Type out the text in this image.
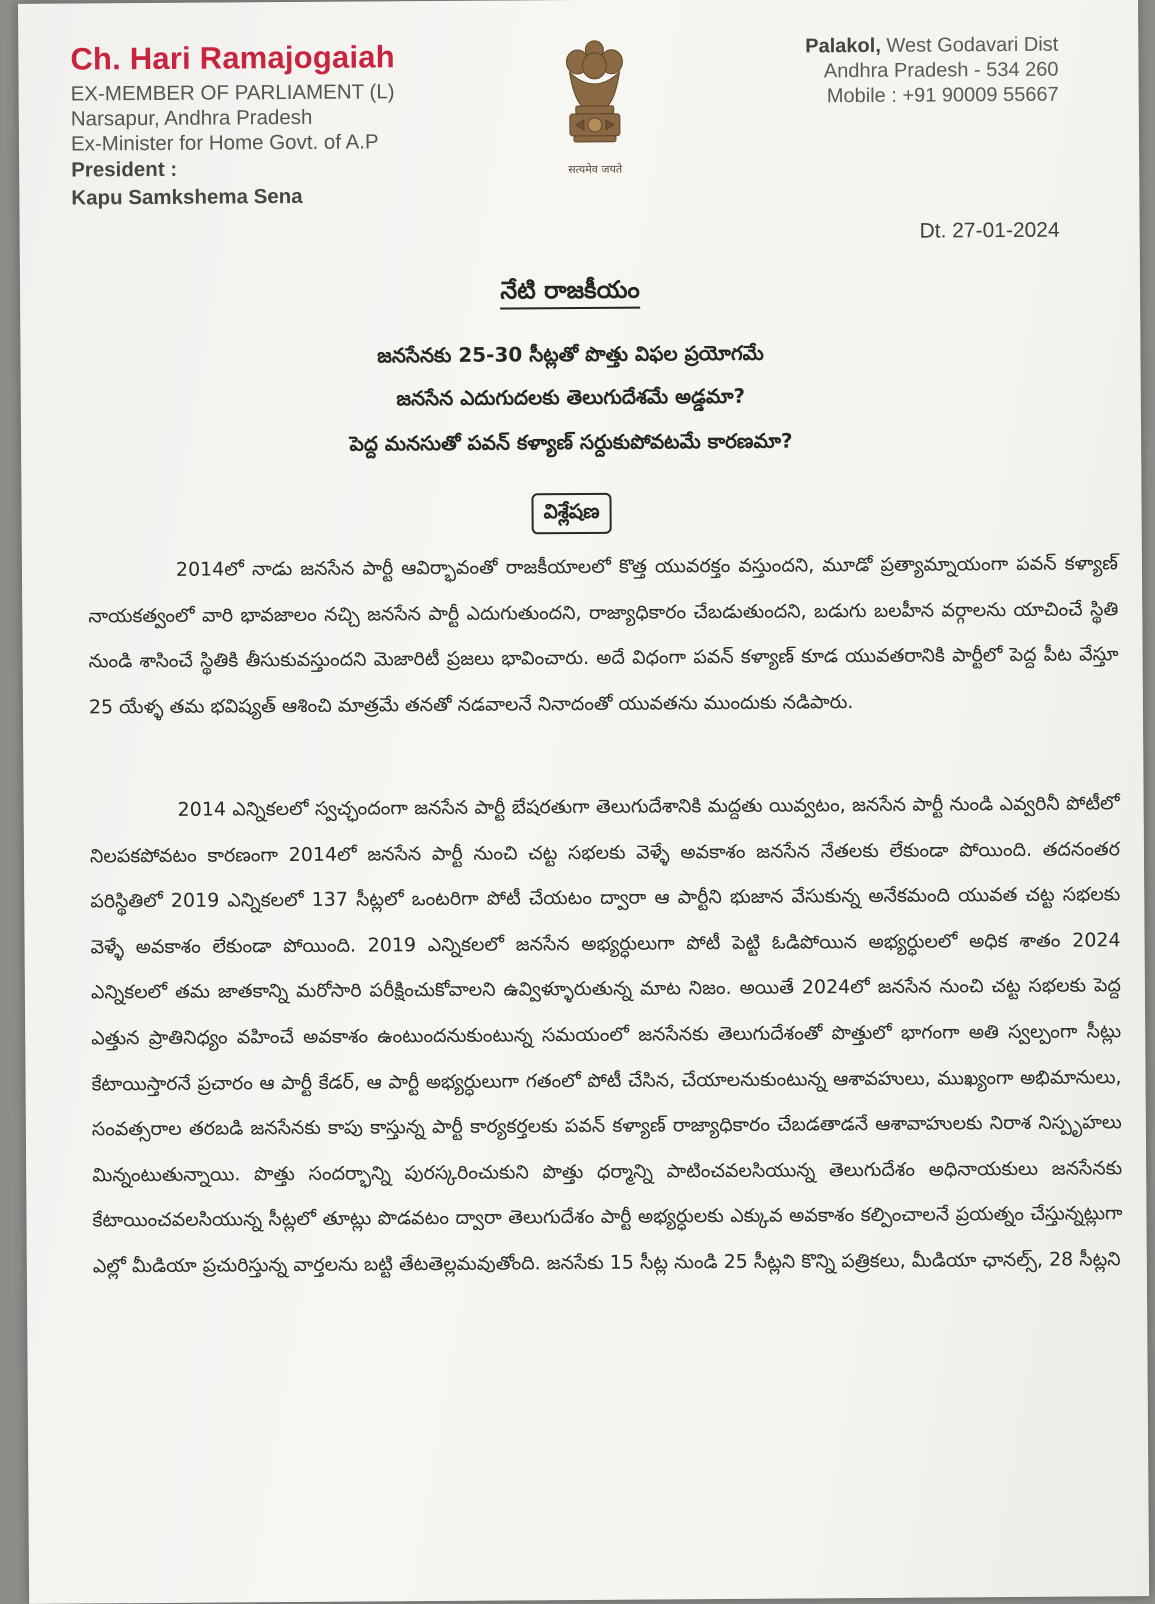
Ch. Hari Ramajogaiah
EX-MEMBER OF PARLIAMENT (L)
Narsapur, Andhra Pradesh
Ex-Minister for Home Govt. of A.P
President :
Kapu Samkshema Sena
सत्यमेव जयते
Palakol, West Godavari Dist
Andhra Pradesh - 534 260
Mobile : +91 90009 55667
Dt. 27-01-2024
నేటి రాజకీయం
జనసేనకు 25-30 సీట్లతో పొత్తు విఫల ప్రయోగమే
జనసేన ఎదుగుదలకు తెలుగుదేశమే అడ్డమా?
పెద్ద మనసుతో పవన్ కళ్యాణ్ సర్దుకుపోవటమే కారణమా?
విశ్లేషణ

2014లో నాడు జనసేన పార్టీ ఆవిర్భావంతో రాజకీయాలలో కొత్త యువరక్తం వస్తుందని, మూడో ప్రత్యామ్నాయంగా పవన్ కళ్యాణ్ నాయకత్వంలో వారి భావజాలం నచ్చి జనసేన పార్టీ ఎదుగుతుందని, రాజ్యాధికారం చేబడుతుందని, బడుగు బలహీన వర్గాలను యాచించే స్థితి నుండి శాసించే స్థితికి తీసుకువస్తుందని మెజారిటీ ప్రజలు భావించారు. అదే విధంగా పవన్ కళ్యాణ్ కూడ యువతరానికి పార్టీలో పెద్ద పీట వేస్తూ 25 యేళ్ళ తమ భవిష్యత్ ఆశించి మాత్రమే తనతో నడవాలనే నినాదంతో యువతను ముందుకు నడిపారు.

2014 ఎన్నికలలో స్వచ్ఛందంగా జనసేన పార్టీ బేషరతుగా తెలుగుదేశానికి మద్దతు యివ్వటం, జనసేన పార్టీ నుండి ఎవ్వరినీ పోటీలో నిలపకపోవటం కారణంగా 2014లో జనసేన పార్టీ నుంచి చట్ట సభలకు వెళ్ళే అవకాశం జనసేన నేతలకు లేకుండా పోయింది. తదనంతర పరిస్థితిలో 2019 ఎన్నికలలో 137 సీట్లలో ఒంటరిగా పోటీ చేయటం ద్వారా ఆ పార్టీని భుజాన వేసుకున్న అనేకమంది యువత చట్ట సభలకు వెళ్ళే అవకాశం లేకుండా పోయింది. 2019 ఎన్నికలలో జనసేన అభ్యర్ధులుగా పోటీ పెట్టి ఓడిపోయిన అభ్యర్ధులలో అధిక శాతం 2024 ఎన్నికలలో తమ జాతకాన్ని మరోసారి పరీక్షించుకోవాలని ఉవ్విళ్ళూరుతున్న మాట నిజం. అయితే 2024లో జనసేన నుంచి చట్ట సభలకు పెద్ద ఎత్తున ప్రాతినిధ్యం వహించే అవకాశం ఉంటుందనుకుంటున్న సమయంలో జనసేనకు తెలుగుదేశంతో పొత్తులో భాగంగా అతి స్వల్పంగా సీట్లు కేటాయిస్తారనే ప్రచారం ఆ పార్టీ కేడర్, ఆ పార్టీ అభ్యర్ధులుగా గతంలో పోటీ చేసిన, చేయాలనుకుంటున్న ఆశావహులు, ముఖ్యంగా అభిమానులు, సంవత్సరాల తరబడి జనసేనకు కాపు కాస్తున్న పార్టీ కార్యకర్తలకు పవన్ కళ్యాణ్ రాజ్యాధికారం చేబడతాడనే ఆశావాహులకు నిరాశ నిస్పృహలు మిన్నంటుతున్నాయి. పొత్తు సందర్భాన్ని పురస్కరించుకుని పొత్తు ధర్మాన్ని పాటించవలసియున్న తెలుగుదేశం అధినాయకులు జనసేనకు కేటాయించవలసియున్న సీట్లలో తూట్లు పొడవటం ద్వారా తెలుగుదేశం పార్టీ అభ్యర్ధులకు ఎక్కువ అవకాశం కల్పించాలనే ప్రయత్నం చేస్తున్నట్లుగా ఎల్లో మీడియా ప్రచురిస్తున్న వార్తలను బట్టి తేటతెల్లమవుతోంది. జనసేకు 15 సీట్ల నుండి 25 సీట్లని కొన్ని పత్రికలు, మీడియా ఛానల్స్, 28 సీట్లని
